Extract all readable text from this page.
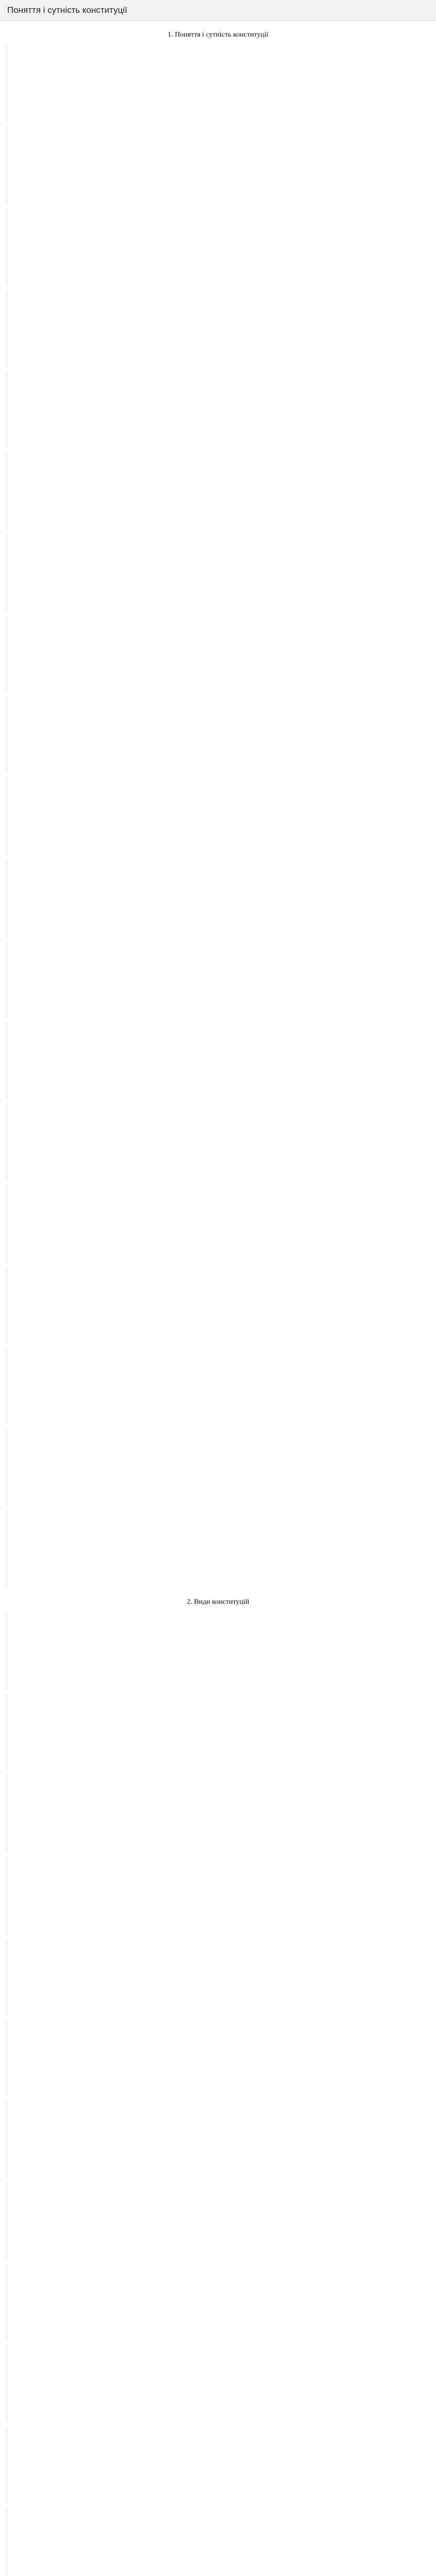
Поняття і сутність конституції
1. Поняття і сутність конституції

2. Види конституцій
